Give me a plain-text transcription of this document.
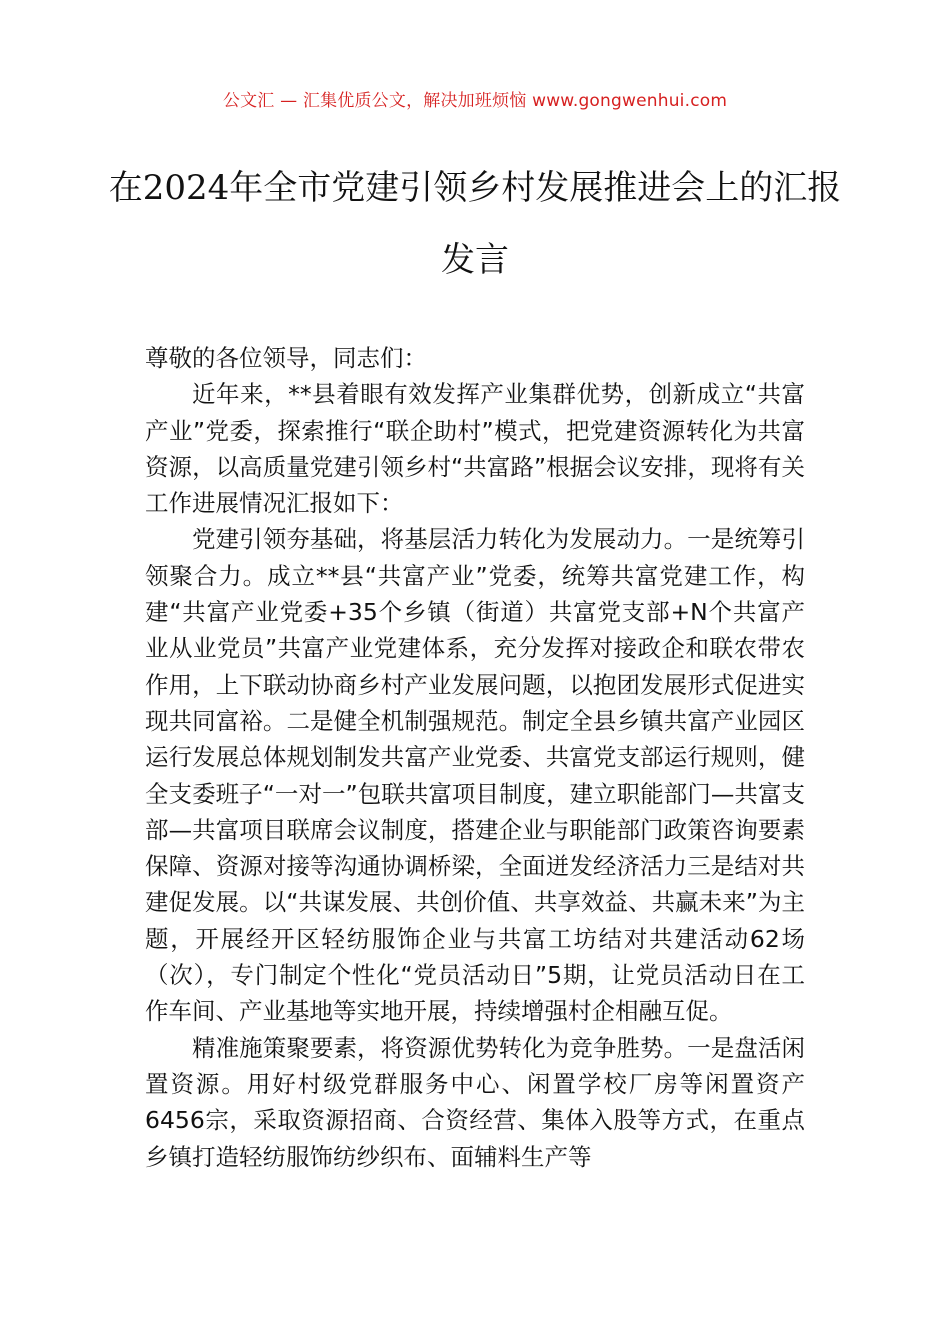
公文汇 — 汇集优质公文，解决加班烦恼 www.gongwenhui.com
在2024年全市党建引领乡村发展推进会上的汇报发言

尊敬的各位领导，同志们：

近年来，**县着眼有效发挥产业集群优势，创新成立“共富产业”党委，探索推行“联企助村”模式，把党建资源转化为共富资源，以高质量党建引领乡村“共富路”根据会议安排，现将有关工作进展情况汇报如下：

党建引领夯基础，将基层活力转化为发展动力。一是统筹引领聚合力。成立**县“共富产业”党委，统筹共富党建工作，构建“共富产业党委+35个乡镇（街道）共富党支部+N个共富产业从业党员”共富产业党建体系，充分发挥对接政企和联农带农作用，上下联动协商乡村产业发展问题，以抱团发展形式促进实现共同富裕。二是健全机制强规范。制定全县乡镇共富产业园区运行发展总体规划制发共富产业党委、共富党支部运行规则，健全支委班子“一对一”包联共富项目制度，建立职能部门—共富支部—共富项目联席会议制度，搭建企业与职能部门政策咨询要素保障、资源对接等沟通协调桥梁，全面迸发经济活力三是结对共建促发展。以“共谋发展、共创价值、共享效益、共赢未来”为主题，开展经开区轻纺服饰企业与共富工坊结对共建活动62场（次），专门制定个性化“党员活动日”5期，让党员活动日在工作车间、产业基地等实地开展，持续增强村企相融互促。

精准施策聚要素，将资源优势转化为竞争胜势。一是盘活闲置资源。用好村级党群服务中心、闲置学校厂房等闲置资产6456宗，采取资源招商、合资经营、集体入股等方式，在重点乡镇打造轻纺服饰纺纱织布、面辅料生产等
